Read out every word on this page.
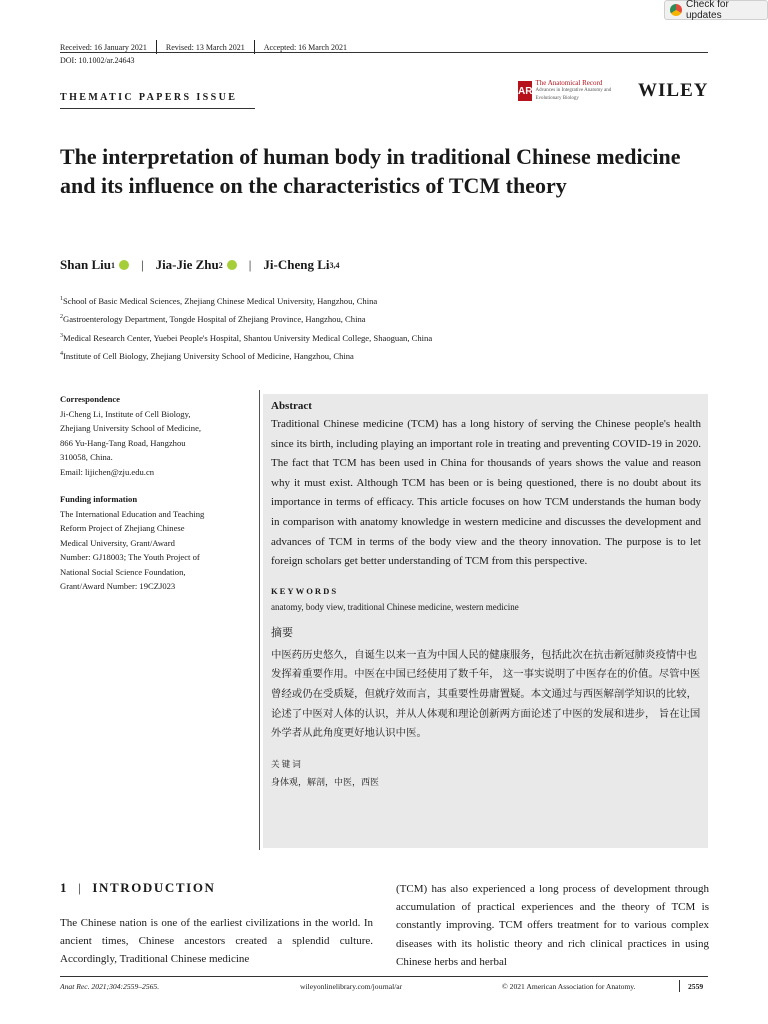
Check for updates
Received: 16 January 2021 Revised: 13 March 2021 Accepted: 16 March 2021
DOI: 10.1002/ar.24643
THEMATIC PAPERS ISSUE
AR
The Anatomical Record
Advances in Integrative Anatomy and Evolutionary Biology	WILEY
The interpretation of human body in traditional Chinese medicine and its influence on the characteristics of TCM theory
Shan Liu 1 | Jia-Jie Zhu 2 | Ji-Cheng Li 3,4
$^1$School of Basic Medical Sciences, Zhejiang Chinese Medical University, Hangzhou, China
$^2$Gastroenterology Department, Tongde Hospital of Zhejiang Province, Hangzhou, China
$^3$Medical Research Center, Yuebei People's Hospital, Shantou University Medical College, Shaoguan, China
$^4$Institute of Cell Biology, Zhejiang University School of Medicine, Hangzhou, China
Correspondence
Ji-Cheng Li, Institute of Cell Biology,
Zhejiang University School of Medicine,
866 Yu-Hang-Tang Road, Hangzhou
310058, China.
Email: lijichen@zju.edu.cn
Funding information
The International Education and Teaching
Reform Project of Zhejiang Chinese
Medical University, Grant/Award
Number: GJ18003; The Youth Project of
National Social Science Foundation,
Grant/Award Number: 19CZJ023
Abstract
Traditional Chinese medicine (TCM) has a long history of serving the Chinese people's health since its birth, including playing an important role in treating and preventing COVID-19 in 2020. The fact that TCM has been used in China for thousands of years shows the value and reason why it must exist. Although TCM has been or is being questioned, there is no doubt about its importance in terms of efficacy. This article focuses on how TCM understands the human body in comparison with anatomy knowledge in western medicine and discusses the development and advances of TCM in terms of the body view and the theory innovation. The purpose is to let foreign scholars get better understanding of TCM from this perspective.
KEYWORDS
anatomy, body view, traditional Chinese medicine, western medicine
摘要
中医药历史悠久，自诞生以来一直为中国人民的健康服务，包括此次在抗击新冠肺炎疫情中也发挥着重要作用。中医在中国已经使用了数千年， 这一事实说明了中医存在的价值。尽管中医曾经或仍在受质疑，但就疗效而言，其重要性毋庸置疑。本文通过与西医解剖学知识的比较， 论述了中医对人体的认识，并从人体观和理论创新两方面论述了中医的发展和进步， 旨在让国外学者从此角度更好地认识中医。
关键词
身体观，解剖，中医，西医
1 | INTRODUCTION
The Chinese nation is one of the earliest civilizations in the world. In ancient times, Chinese ancestors created a splendid culture. Accordingly, Traditional Chinese medicine
(TCM) has also experienced a long process of development through accumulation of practical experiences and the theory of TCM is constantly improving. TCM offers treatment for to various complex diseases with its holistic theory and rich clinical practices in using Chinese herbs and herbal
Anat Rec. 2021;304:2559–2565.	wileyonlinelibrary.com/journal/ar	© 2021 American Association for Anatomy.	2559
